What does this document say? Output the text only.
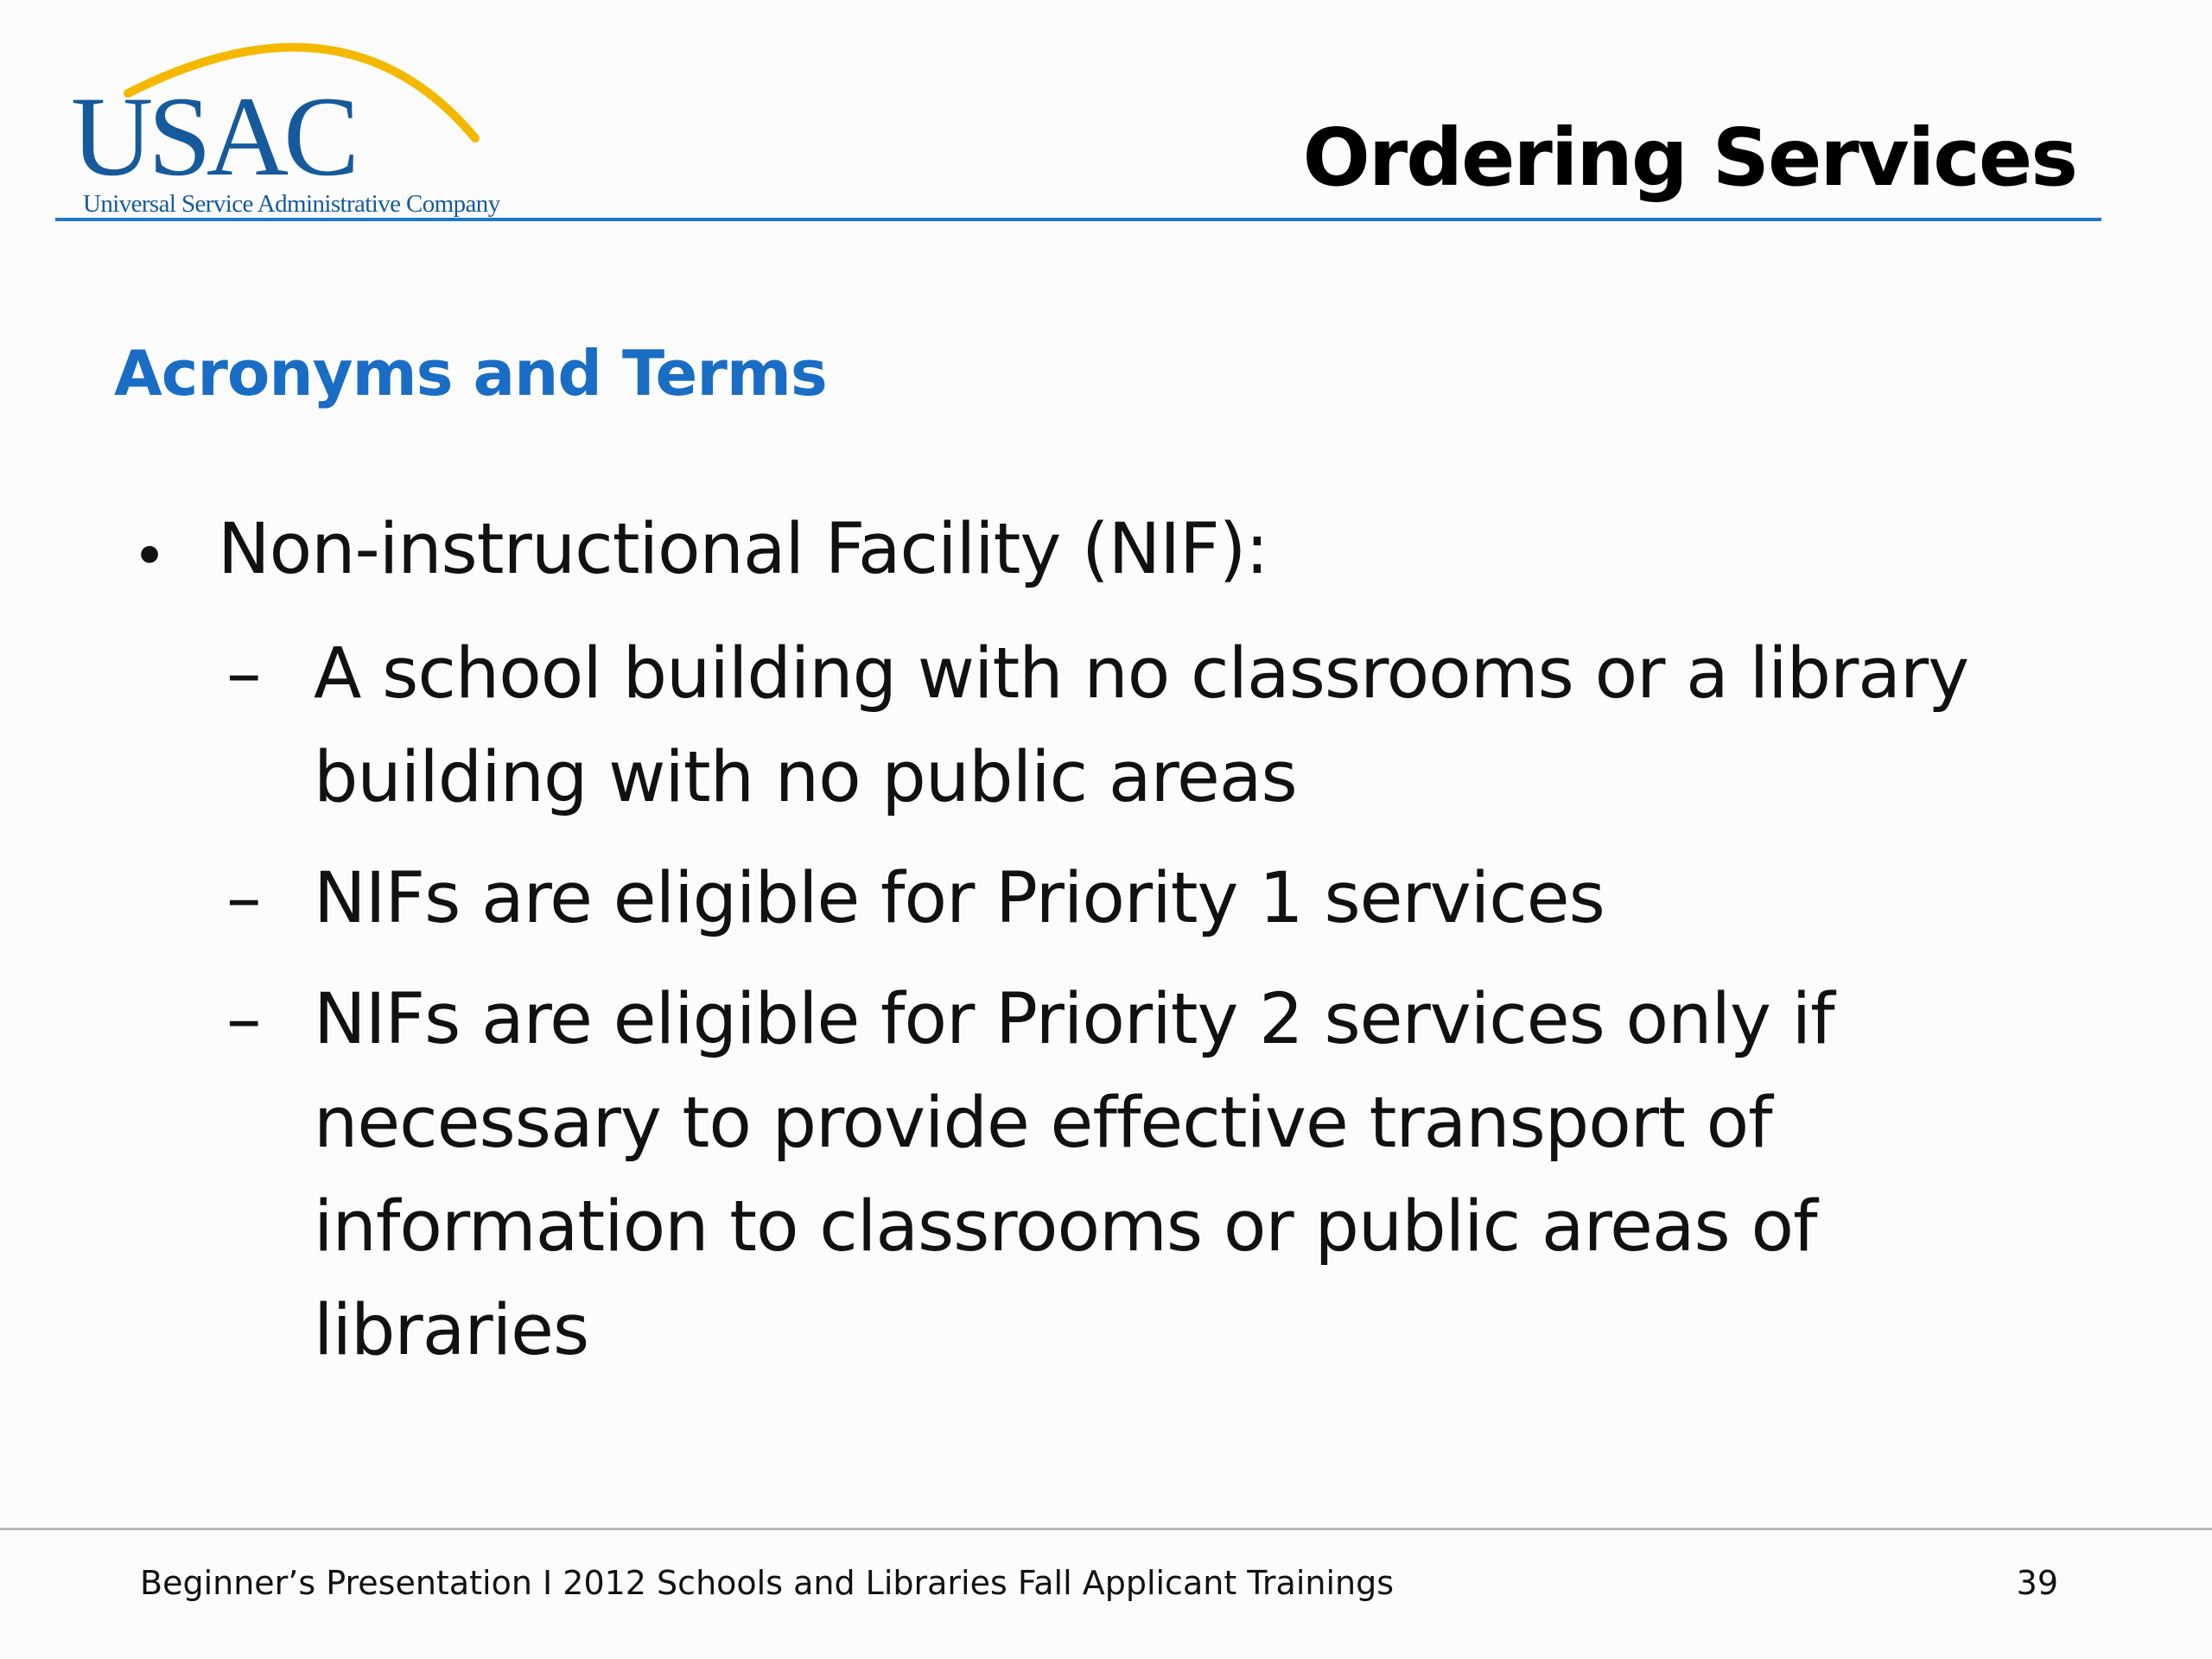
USAC
Universal Service Administrative Company	Ordering Services
Acronyms and Terms
• Non-instructional Facility (NIF):
– A school building with no classrooms or a library building with no public areas
– NIFs are eligible for Priority 1 services
– NIFs are eligible for Priority 2 services only if necessary to provide effective transport of information to classrooms or public areas of libraries
Beginner’s Presentation I 2012 Schools and Libraries Fall Applicant Trainings	39
